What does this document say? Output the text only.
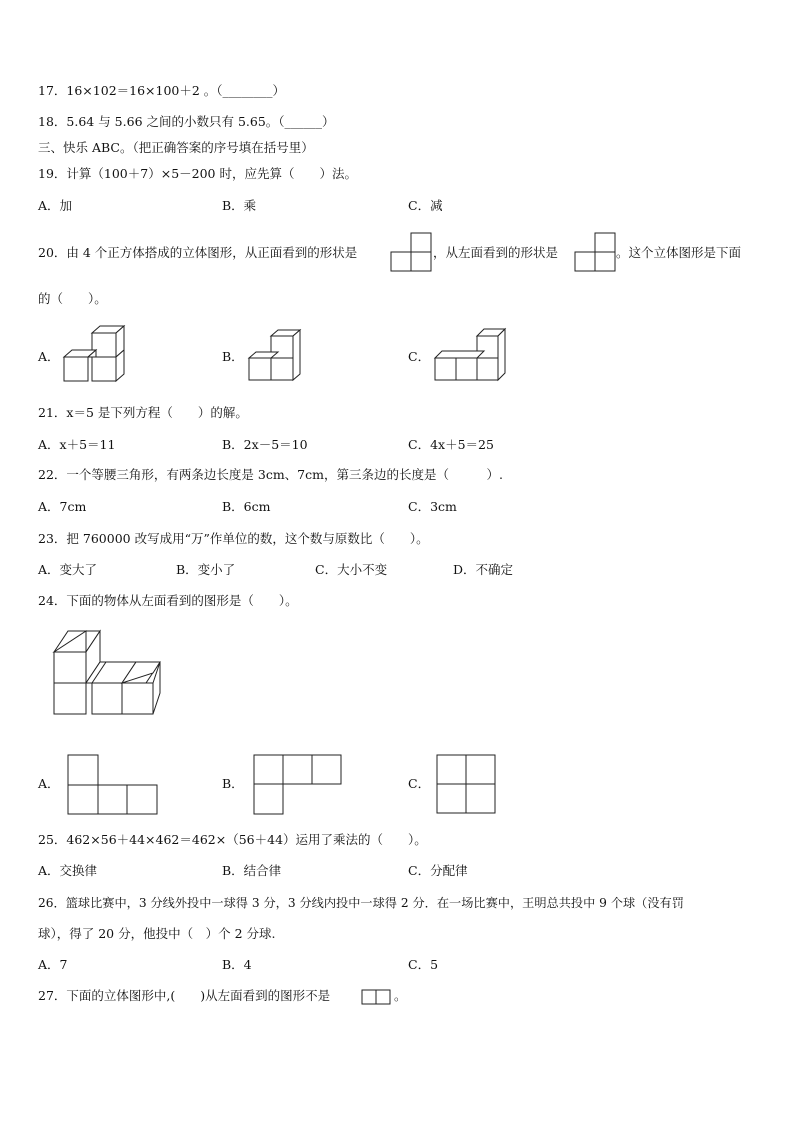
17．16×102＝16×100＋2 。（________）
18．5.64 与 5.66 之间的小数只有 5.65。（______）
三、快乐 ABC。（把正确答案的序号填在括号里）
19．计算（100＋7）×5－200 时，应先算（　　）法。
A．加	B．乘	C．减
20．由 4 个正方体搭成的立体图形，从正面看到的形状是	，从左面看到的形状是	。这个立体图形是下面
的（　　）。
A．	B．	C．
21．x＝5 是下列方程（　　）的解。
A．x＋5＝11	B．2x－5＝10	C．4x＋5＝25
22．一个等腰三角形，有两条边长度是 3cm、7cm，第三条边的长度是（　　　）.
A．7cm	B．6cm	C．3cm
23．把 760000 改写成用“万”作单位的数，这个数与原数比（　　）。
A．变大了	B．变小了	C．大小不变	D．不确定
24．下面的物体从左面看到的图形是（　　）。
A．	B．	C．
25．462×56＋44×462＝462×（56＋44）运用了乘法的（　　）。
A．交换律	B．结合律	C．分配律
26．篮球比赛中，3 分线外投中一球得 3 分，3 分线内投中一球得 2 分．在一场比赛中，王明总共投中 9 个球（没有罚
球），得了 20 分，他投中（　）个 2 分球.
A．7	B．4	C．5
27．下面的立体图形中,(　　)从左面看到的图形不是	。
